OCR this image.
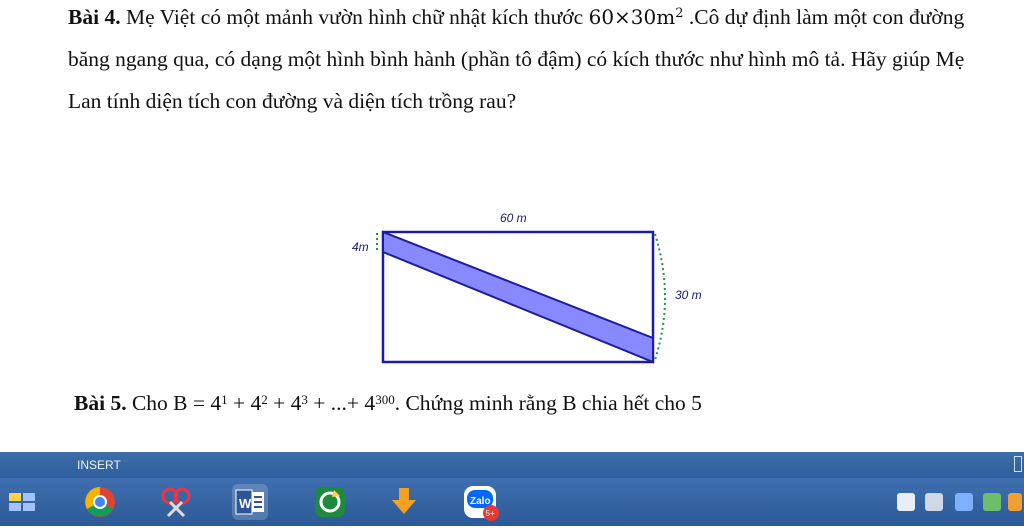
Bài 4. Mẹ Việt có một mảnh vườn hình chữ nhật kích thước $60\times 30m^2$ .Cô dự định làm một con đường băng ngang qua, có dạng một hình bình hành (phần tô đậm) có kích thước như hình mô tả. Hãy giúp Mẹ Lan tính diện tích con đường và diện tích trồng rau?

60 m
4m
30 m

Bài 5. Cho $B = 4^1 + 4^2 + 4^3$ + ...+ $4^{300}$. Chứng minh rằng B chia hết cho 5

INSERT
W	Zalo
5+
